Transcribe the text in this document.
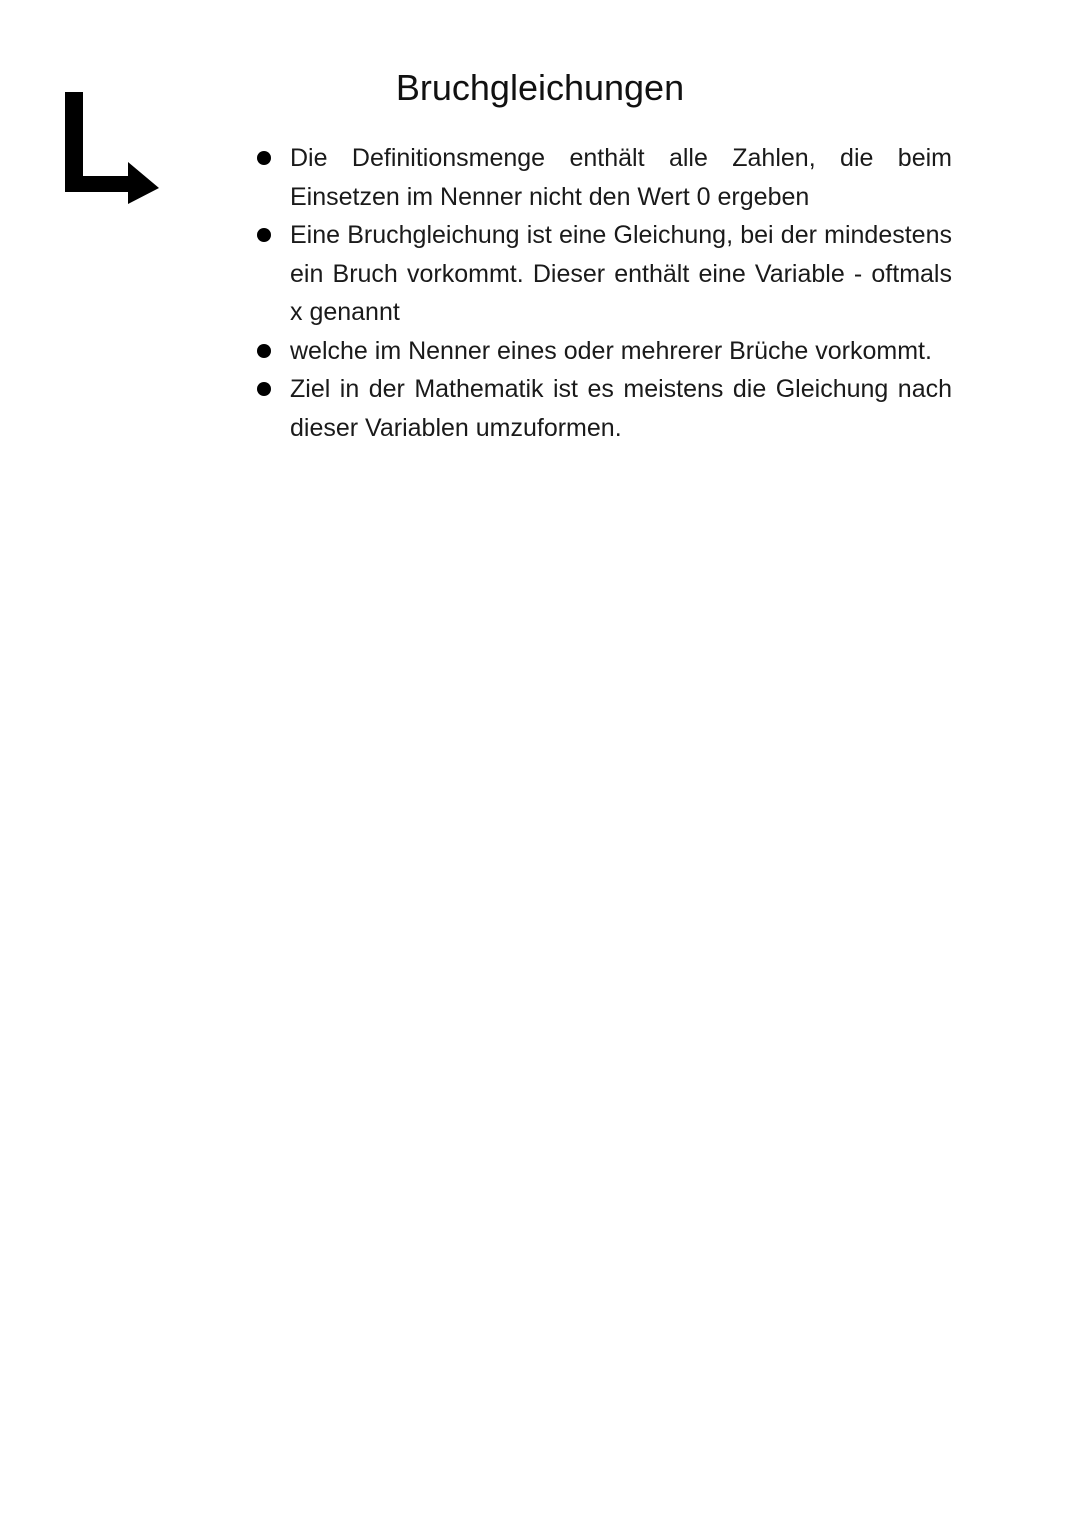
Bruchgleichungen
Die Definitionsmenge enthält alle Zahlen, die beim Einsetzen im Nenner nicht den Wert 0 ergeben
Eine Bruchgleichung ist eine Gleichung, bei der mindestens ein Bruch vorkommt. Dieser enthält eine Variable - oftmals x genannt
welche im Nenner eines oder mehrerer Brüche vorkommt.
Ziel in der Mathematik ist es meistens die Gleichung nach dieser Variablen umzuformen.
